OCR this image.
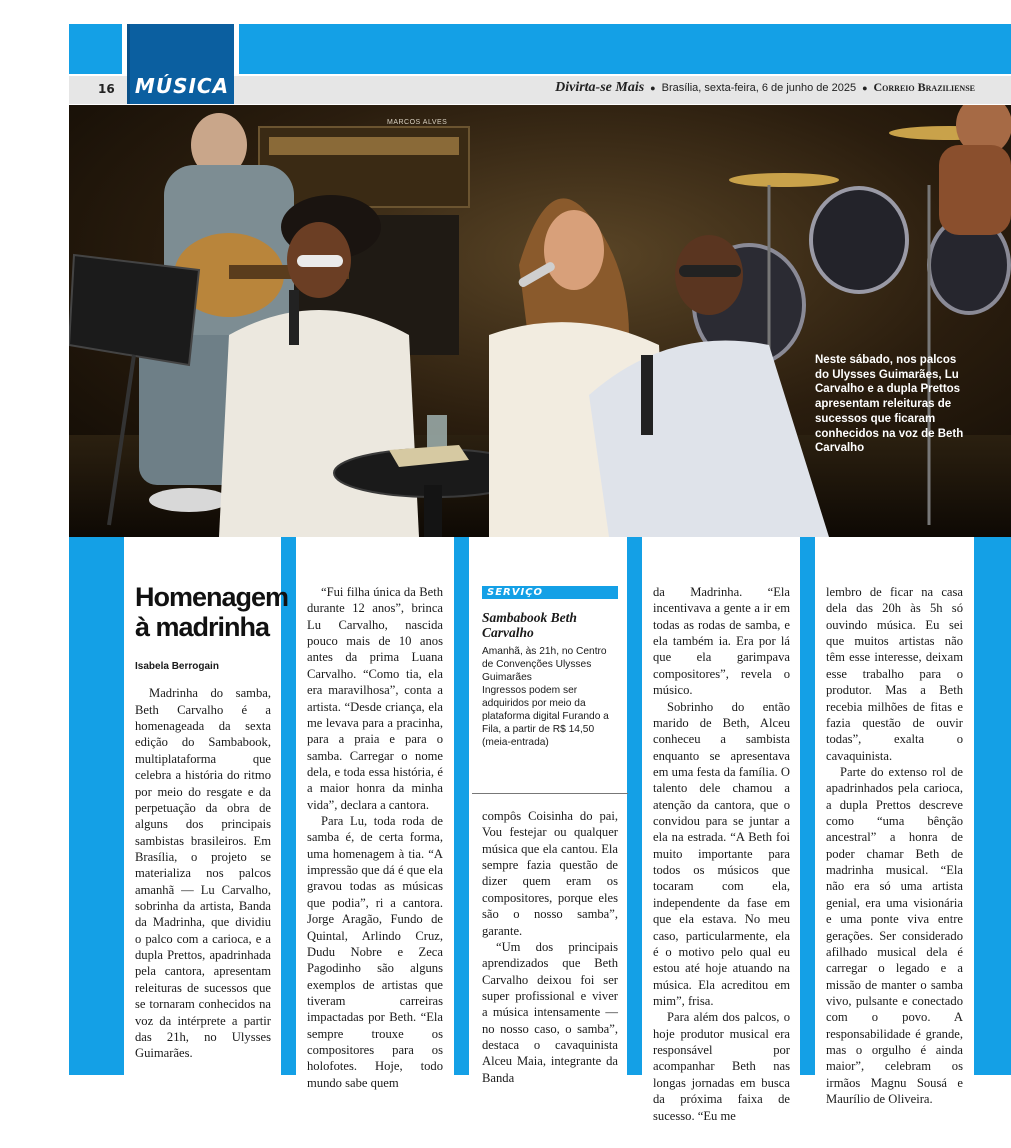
MÚSICA
16	Divirta-se Mais ● Brasília, sexta-feira, 6 de junho de 2025 ● Correio Braziliense
MARCOS ALVES
Neste sábado, nos palcos do Ulysses Guimarães, Lu Carvalho e a dupla Prettos apresentam releituras de sucessos que ficaram conhecidos na voz de Beth Carvalho
Homenagem à madrinha
Isabela Berrogain

Madrinha do samba, Beth Carvalho é a homenageada da sexta edição do Sambabook, multiplataforma que celebra a história do ritmo por meio do resgate e da perpetuação da obra de alguns dos principais sambistas brasileiros. Em Brasília, o projeto se materializa nos palcos amanhã — Lu Carvalho, sobrinha da artista, Banda da Madrinha, que dividiu o palco com a carioca, e a dupla Prettos, apadrinhada pela cantora, apresentam releituras de sucessos que se tornaram conhecidos na voz da intérprete a partir das 21h, no Ulysses Guimarães.

“Fui filha única da Beth durante 12 anos”, brinca Lu Carvalho, nascida pouco mais de 10 anos antes da prima Luana Carvalho. “Como tia, ela era maravilhosa”, conta a artista. “Desde criança, ela me levava para a pracinha, para a praia e para o samba. Carregar o nome dela, e toda essa história, é a maior honra da minha vida”, declara a cantora.

Para Lu, toda roda de samba é, de certa forma, uma homenagem à tia. “A impressão que dá é que ela gravou todas as músicas que podia”, ri a cantora. Jorge Aragão, Fundo de Quintal, Arlindo Cruz, Dudu Nobre e Zeca Pagodinho são alguns exemplos de artistas que tiveram carreiras impactadas por Beth. “Ela sempre trouxe os compositores para os holofotes. Hoje, todo mundo sabe quem

SERVIÇO
Sambabook Beth Carvalho
Amanhã, às 21h, no Centro de Convenções Ulysses Guimarães
Ingressos podem ser adquiridos por meio da plataforma digital Furando a Fila, a partir de R$ 14,50 (meia-entrada)

compôs Coisinha do pai, Vou festejar ou qualquer música que ela cantou. Ela sempre fazia questão de dizer quem eram os compositores, porque eles são o nosso samba”, garante.

“Um dos principais aprendizados que Beth Carvalho deixou foi ser super profissional e viver a música intensamente — no nosso caso, o samba”, destaca o cavaquinista Alceu Maia, integrante da Banda

da Madrinha. “Ela incentivava a gente a ir em todas as rodas de samba, e ela também ia. Era por lá que ela garimpava compositores”, revela o músico.

Sobrinho do então marido de Beth, Alceu conheceu a sambista enquanto se apresentava em uma festa da família. O talento dele chamou a atenção da cantora, que o convidou para se juntar a ela na estrada. “A Beth foi muito importante para todos os músicos que tocaram com ela, independente da fase em que ela estava. No meu caso, particularmente, ela é o motivo pelo qual eu estou até hoje atuando na música. Ela acreditou em mim”, frisa.

Para além dos palcos, o hoje produtor musical era responsável por acompanhar Beth nas longas jornadas em busca da próxima faixa de sucesso. “Eu me

lembro de ficar na casa dela das 20h às 5h só ouvindo música. Eu sei que muitos artistas não têm esse interesse, deixam esse trabalho para o produtor. Mas a Beth recebia milhões de fitas e fazia questão de ouvir todas”, exalta o cavaquinista.

Parte do extenso rol de apadrinhados pela carioca, a dupla Prettos descreve como “uma bênção ancestral” a honra de poder chamar Beth de madrinha musical. “Ela não era só uma artista genial, era uma visionária e uma ponte viva entre gerações. Ser considerado afilhado musical dela é carregar o legado e a missão de manter o samba vivo, pulsante e conectado com o povo. A responsabilidade é grande, mas o orgulho é ainda maior”, celebram os irmãos Magnu Sousá e Maurílio de Oliveira.
